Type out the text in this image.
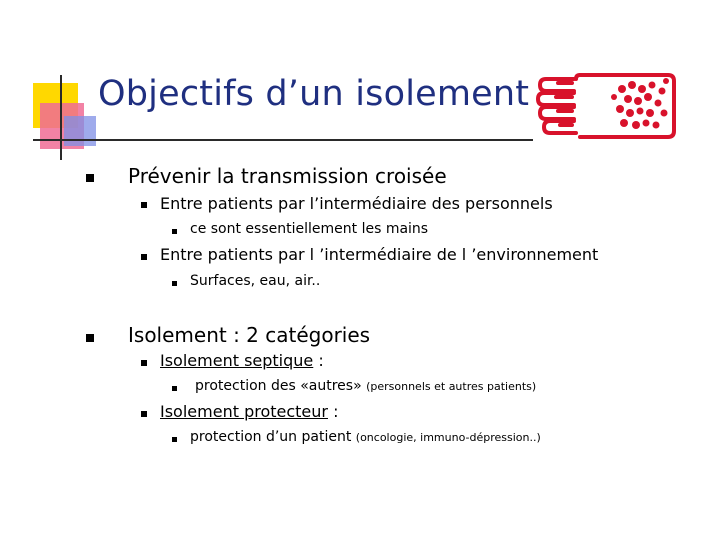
Objectifs d’un isolement
Prévenir la transmission croisée
Entre patients par l’intermédiaire des personnels
ce sont essentiellement les mains
Entre patients par l ’intermédiaire de l ’environnement
Surfaces, eau, air..
Isolement : 2 catégories
Isolement septique :
protection des «autres» (personnels et autres patients)
Isolement protecteur :
protection d’un patient (oncologie, immuno-dépression..)
